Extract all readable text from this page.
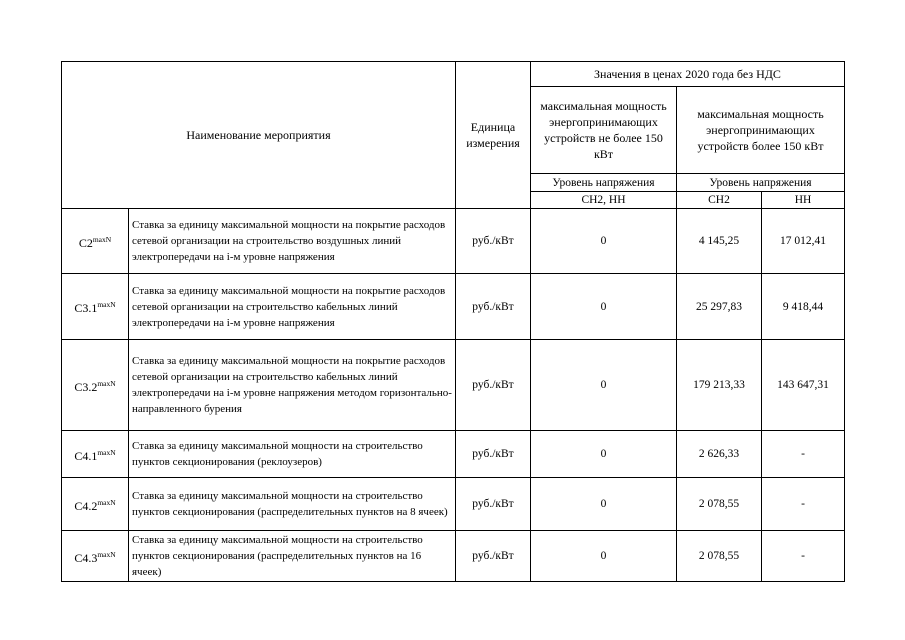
Наименование мероприятия		Единица измерения	Значения в ценах 2020 года без НДС		
			максимальная мощность энергопринимающих устройств не более 150 кВт	максимальная мощность энергопринимающих устройств более 150 кВт	
			Уровень напряжения	Уровень напряжения	
			СН2, НН	СН2	НН
$С2^{maxN}$	Ставка за единицу максимальной мощности на покрытие расходов сетевой организации на строительство воздушных линий электропередачи на i-м уровне напряжения	руб./кВт	0	4 145,25	17 012,41
$С3.1^{maxN}$	Ставка за единицу максимальной мощности на покрытие расходов сетевой организации на строительство кабельных линий электропередачи на i-м уровне напряжения	руб./кВт	0	25 297,83	9 418,44
$С3.2^{maxN}$	Ставка за единицу максимальной мощности на покрытие расходов сетевой организации на строительство кабельных линий электропередачи на i-м уровне напряжения методом горизонтально-направленного бурения	руб./кВт	0	179 213,33	143 647,31
$С4.1^{maxN}$	Ставка за единицу максимальной мощности на строительство пунктов секционирования (реклоузеров)	руб./кВт	0	2 626,33	-
$С4.2^{maxN}$	Ставка за единицу максимальной мощности на строительство пунктов секционирования (распределительных пунктов на 8 ячеек)	руб./кВт	0	2 078,55	-
$С4.3^{maxN}$	Ставка за единицу максимальной мощности на строительство пунктов секционирования (распределительных пунктов на 16 ячеек)	руб./кВт	0	2 078,55	-
